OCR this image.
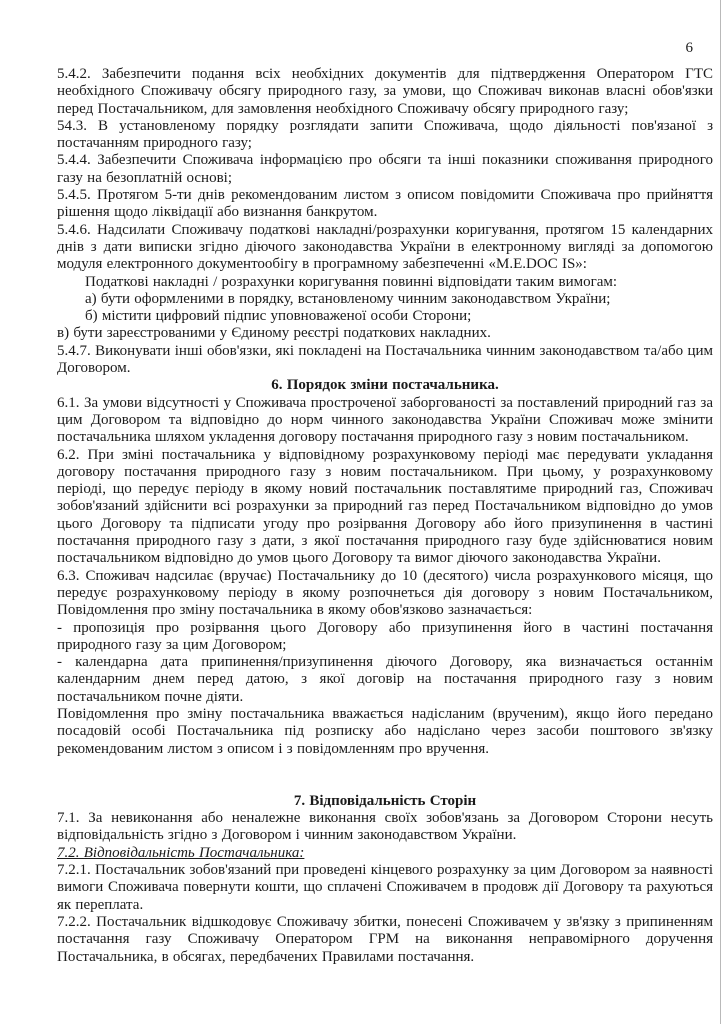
6

5.4.2. Забезпечити подання всіх необхідних документів для підтвердження Оператором ГТС необхідного Споживачу обсягу природного газу, за умови, що Споживач виконав власні обов'язки перед Постачальником, для замовлення необхідного Споживачу обсягу природного газу;

54.3. В установленому порядку розглядати запити Споживача, щодо діяльності пов'язаної з постачанням природного газу;

5.4.4. Забезпечити Споживача інформацією про обсяги та інші показники споживання природного газу на безоплатній основі;

5.4.5. Протягом 5-ти днів рекомендованим листом з описом повідомити Споживача про прийняття рішення щодо ліквідації або визнання банкрутом.

5.4.6. Надсилати Споживачу податкові накладні/розрахунки коригування, протягом 15 календарних днів з дати виписки згідно діючого законодавства України в електронному вигляді за допомогою модуля електронного документообігу в програмному забезпеченні «M.E.DOC IS»:

Податкові накладні / розрахунки коригування повинні відповідати таким вимогам:

а) бути оформленими в порядку, встановленому чинним законодавством України;

б) містити цифровий підпис уповноваженої особи Сторони;

в) бути зареєстрованими у Єдиному реєстрі податкових накладних.

5.4.7. Виконувати інші обов'язки, які покладені на Постачальника чинним законодавством та/або цим Договором.

6. Порядок зміни постачальника.

6.1. За умови відсутності у Споживача простроченої заборгованості за поставлений природний газ за цим Договором та відповідно до норм чинного законодавства України Споживач може змінити постачальника шляхом укладення договору постачання природного газу з новим постачальником.

6.2. При зміні постачальника у відповідному розрахунковому періоді має передувати укладання договору постачання природного газу з новим постачальником. При цьому, у розрахунковому періоді, що передує періоду в якому новий постачальник поставлятиме природний газ, Споживач зобов'язаний здійснити всі розрахунки за природний газ перед Постачальником відповідно до умов цього Договору та підписати угоду про розірвання Договору або його призупинення в частині постачання природного газу з дати, з якої постачання природного газу буде здійснюватися новим постачальником відповідно до умов цього Договору та вимог діючого законодавства України.

6.3. Споживач надсилає (вручає) Постачальнику до 10 (десятого) числа розрахункового місяця, що передує розрахунковому періоду в якому розпочнеться дія договору з новим Постачальником, Повідомлення про зміну постачальника в якому обов'язково зазначається:

- пропозиція про розірвання цього Договору або призупинення його в частині постачання природного газу за цим Договором;

- календарна дата припинення/призупинення діючого Договору, яка визначається останнім календарним днем перед датою, з якої договір на постачання природного газу з новим постачальником почне діяти.

Повідомлення про зміну постачальника вважається надісланим (врученим), якщо його передано посадовій особі Постачальника під розписку або надіслано через засоби поштового зв'язку рекомендованим листом з описом і з повідомленням про вручення.

7. Відповідальність Сторін

7.1. За невиконання або неналежне виконання своїх зобов'язань за Договором Сторони несуть відповідальність згідно з Договором і чинним законодавством України.

7.2. Відповідальність Постачальника:

7.2.1. Постачальник зобов'язаний при проведені кінцевого розрахунку за цим Договором за наявності вимоги Споживача повернути кошти, що сплачені Споживачем в продовж дії Договору та рахуються як переплата.

7.2.2. Постачальник відшкодовує Споживачу збитки, понесені Споживачем у зв'язку з припиненням постачання газу Споживачу Оператором ГРМ на виконання неправомірного доручення Постачальника, в обсягах, передбачених Правилами постачання.
